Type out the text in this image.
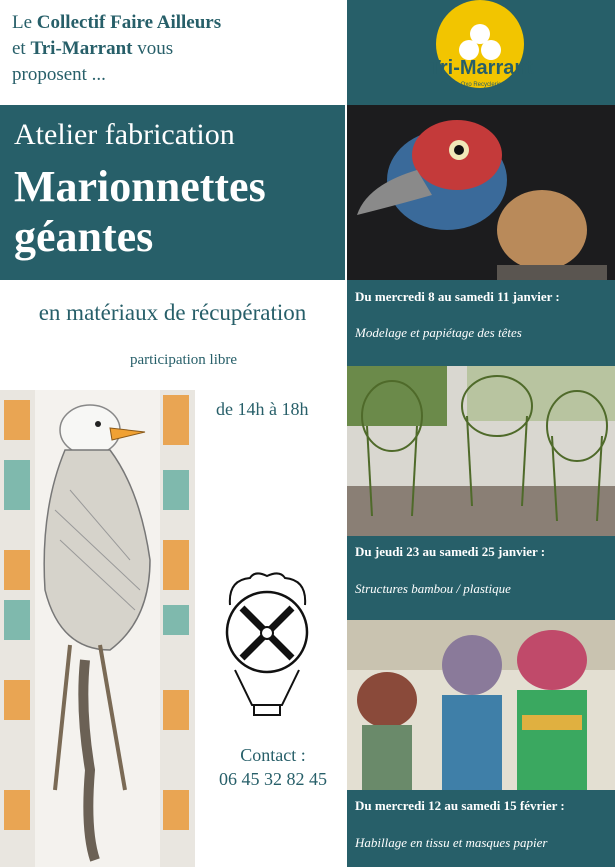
Le Collectif Faire Ailleurs
et Tri-Marrant vous
proposent ...
Atelier fabrication
Marionnettes
géantes
en matériaux de récupération
participation libre
de 14h à 18h
Contact :
06 45 32 82 45
Tri-Marrant
Oxo Recyclerie
Du mercredi 8 au samedi 11 janvier :
Modelage et papiétage des têtes
Du jeudi 23 au samedi 25 janvier :
Structures bambou / plastique
Du mercredi 12 au samedi 15 février :
Habillage en tissu et masques papier
